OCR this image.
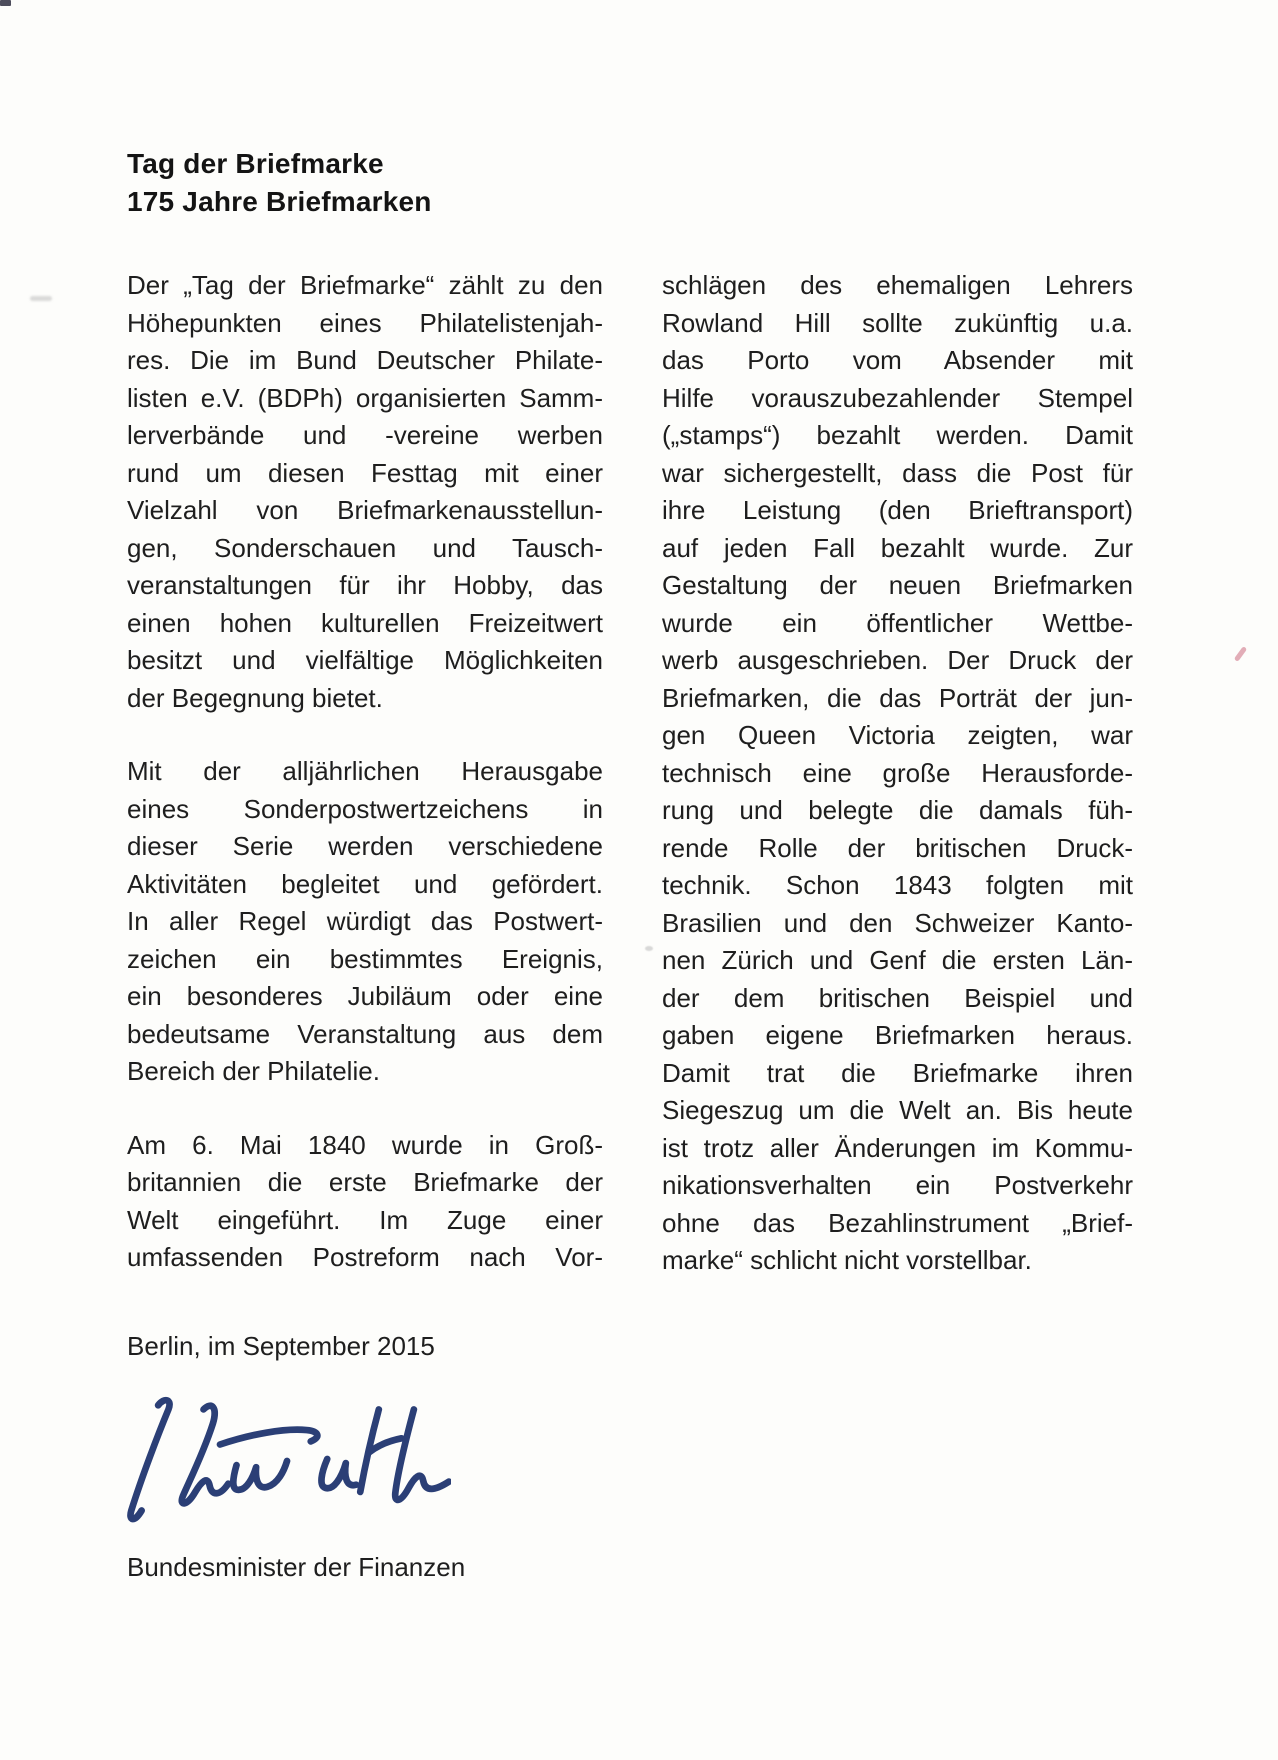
Tag der Briefmarke
175 Jahre Briefmarken
Der „Tag der Briefmarke“ zählt zu den
Höhepunkten eines Philatelistenjah-
res. Die im Bund Deutscher Philate-
listen e.V. (BDPh) organisierten Samm-
lerverbände und -vereine werben
rund um diesen Festtag mit einer
Vielzahl von Briefmarkenausstellun-
gen, Sonderschauen und Tausch-
veranstaltungen für ihr Hobby, das
einen hohen kulturellen Freizeitwert
besitzt und vielfältige Möglichkeiten
der Begegnung bietet.
Mit der alljährlichen Herausgabe
eines Sonderpostwertzeichens in
dieser Serie werden verschiedene
Aktivitäten begleitet und gefördert.
In aller Regel würdigt das Postwert-
zeichen ein bestimmtes Ereignis,
ein besonderes Jubiläum oder eine
bedeutsame Veranstaltung aus dem
Bereich der Philatelie.
Am 6. Mai 1840 wurde in Groß-
britannien die erste Briefmarke der
Welt eingeführt. Im Zuge einer
umfassenden Postreform nach Vor-
schlägen des ehemaligen Lehrers
Rowland Hill sollte zukünftig u.a.
das Porto vom Absender mit
Hilfe vorauszubezahlender Stempel
(„stamps“) bezahlt werden. Damit
war sichergestellt, dass die Post für
ihre Leistung (den Brieftransport)
auf jeden Fall bezahlt wurde. Zur
Gestaltung der neuen Briefmarken
wurde ein öffentlicher Wettbe-
werb ausgeschrieben. Der Druck der
Briefmarken, die das Porträt der jun-
gen Queen Victoria zeigten, war
technisch eine große Herausforde-
rung und belegte die damals füh-
rende Rolle der britischen Druck-
technik. Schon 1843 folgten mit
Brasilien und den Schweizer Kanto-
nen Zürich und Genf die ersten Län-
der dem britischen Beispiel und
gaben eigene Briefmarken heraus.
Damit trat die Briefmarke ihren
Siegeszug um die Welt an. Bis heute
ist trotz aller Änderungen im Kommu-
nikationsverhalten ein Postverkehr
ohne das Bezahlinstrument „Brief-
marke“ schlicht nicht vorstellbar.
Berlin, im September 2015
Bundesminister der Finanzen
